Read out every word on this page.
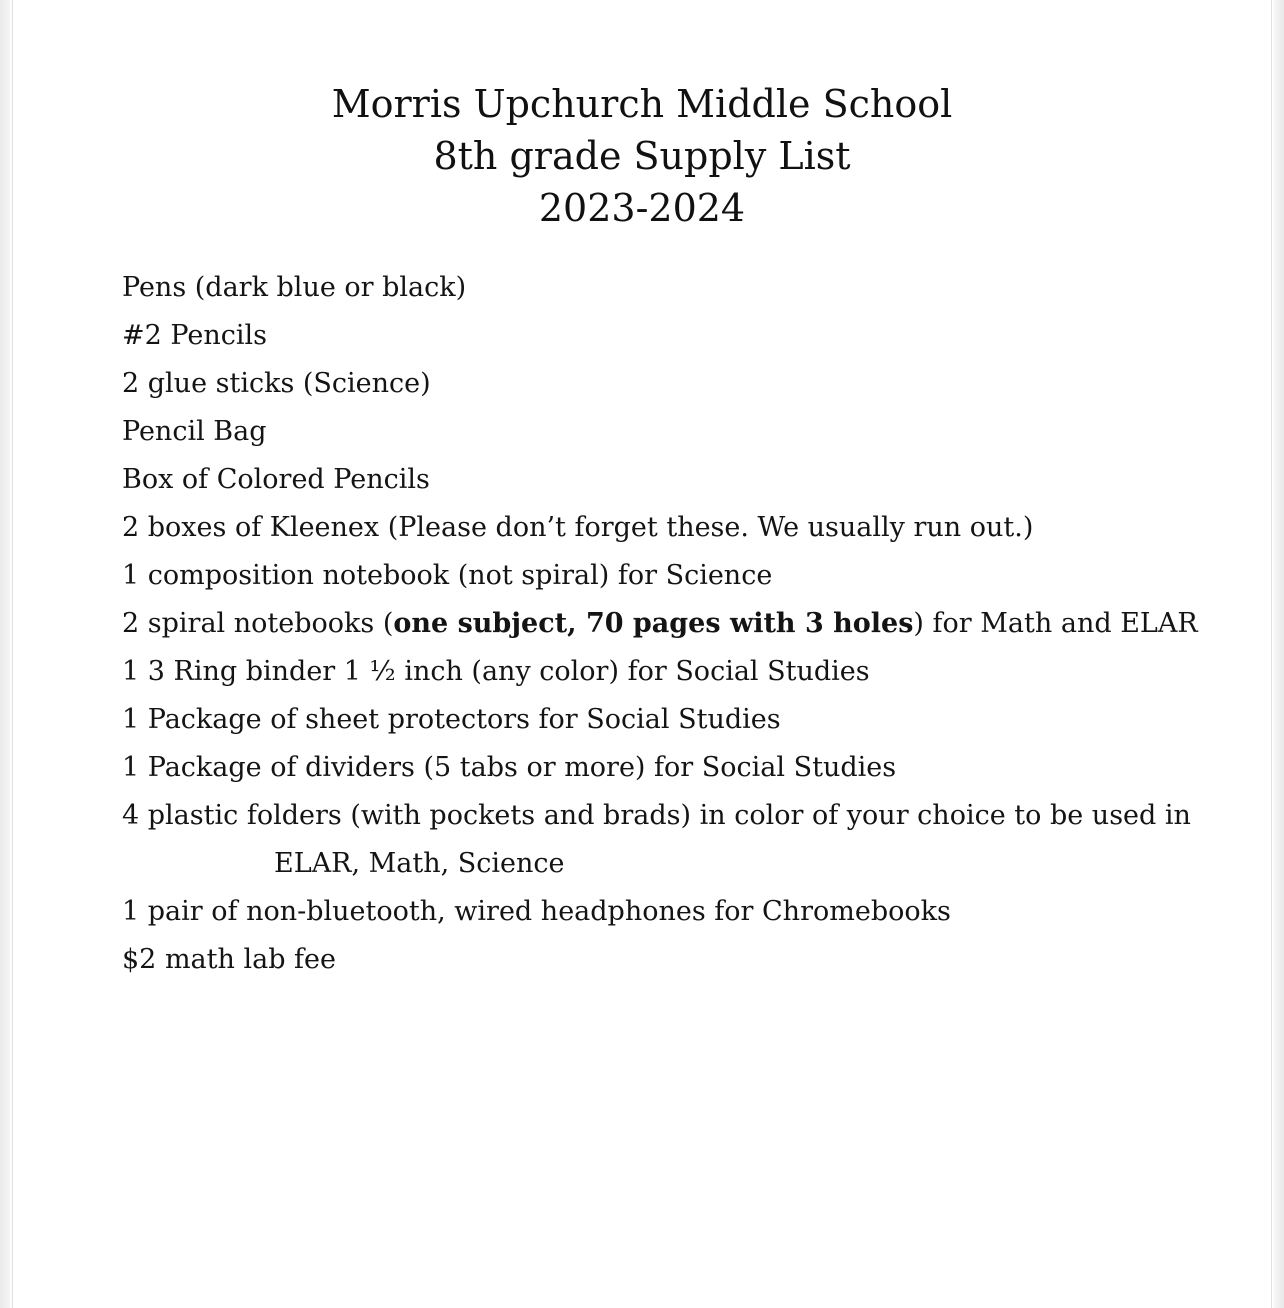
Morris Upchurch Middle School
8th grade Supply List
2023-2024
Pens (dark blue or black)
#2 Pencils
2 glue sticks (Science)
Pencil Bag
Box of Colored Pencils
2 boxes of Kleenex (Please don’t forget these. We usually run out.)
1 composition notebook (not spiral) for Science
2 spiral notebooks (one subject, 70 pages with 3 holes) for Math and ELAR
1 3 Ring binder 1 ½ inch (any color) for Social Studies
1 Package of sheet protectors for Social Studies
1 Package of dividers (5 tabs or more) for Social Studies
4 plastic folders (with pockets and brads) in color of your choice to be used in
ELAR, Math, Science
1 pair of non-bluetooth, wired headphones for Chromebooks
$2 math lab fee
